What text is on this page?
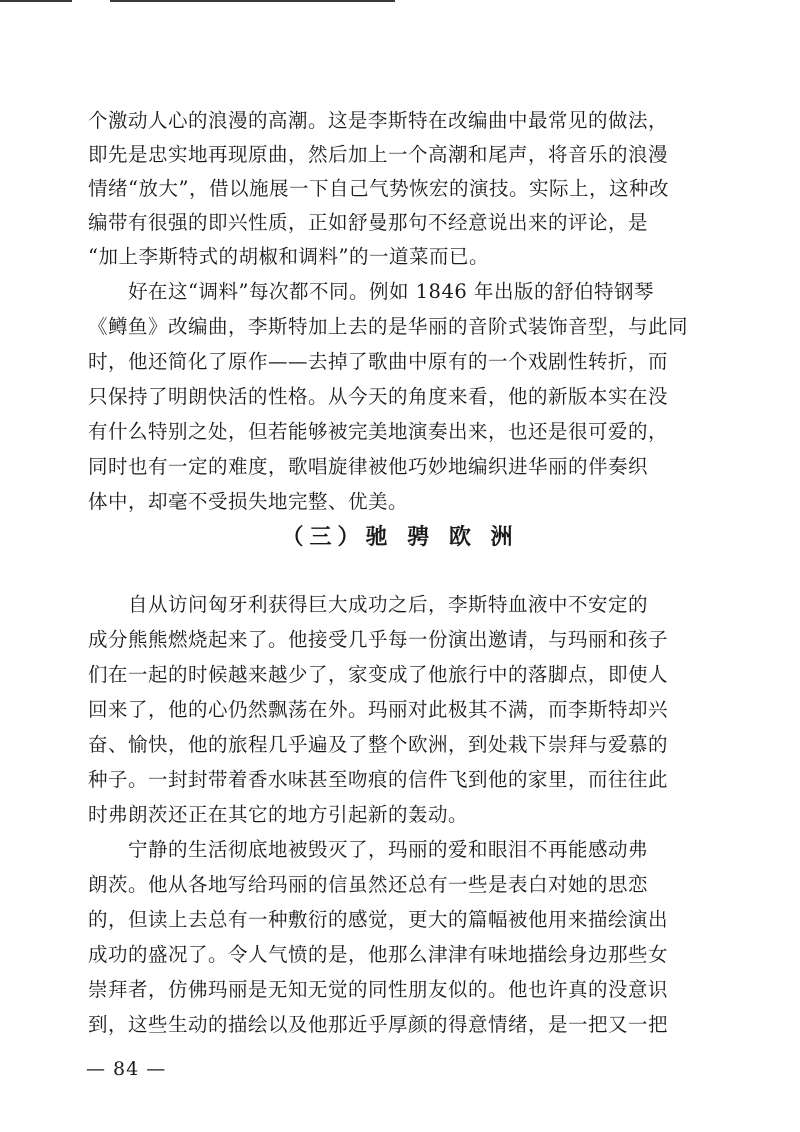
个激动人心的浪漫的高潮。这是李斯特在改编曲中最常见的做法，
即先是忠实地再现原曲，然后加上一个高潮和尾声，将音乐的浪漫
情绪“放大”，借以施展一下自己气势恢宏的演技。实际上，这种改
编带有很强的即兴性质，正如舒曼那句不经意说出来的评论，是
“加上李斯特式的胡椒和调料”的一道菜而已。
好在这“调料”每次都不同。例如 1846 年出版的舒伯特钢琴
《鳟鱼》改编曲，李斯特加上去的是华丽的音阶式装饰音型，与此同
时，他还简化了原作——去掉了歌曲中原有的一个戏剧性转折，而
只保持了明朗快活的性格。从今天的角度来看，他的新版本实在没
有什么特别之处，但若能够被完美地演奏出来，也还是很可爱的，
同时也有一定的难度，歌唱旋律被他巧妙地编织进华丽的伴奏织
体中，却毫不受损失地完整、优美。
（三）驰 骋 欧 洲
自从访问匈牙利获得巨大成功之后，李斯特血液中不安定的
成分熊熊燃烧起来了。他接受几乎每一份演出邀请，与玛丽和孩子
们在一起的时候越来越少了，家变成了他旅行中的落脚点，即使人
回来了，他的心仍然飘荡在外。玛丽对此极其不满，而李斯特却兴
奋、愉快，他的旅程几乎遍及了整个欧洲，到处栽下崇拜与爱慕的
种子。一封封带着香水味甚至吻痕的信件飞到他的家里，而往往此
时弗朗茨还正在其它的地方引起新的轰动。
宁静的生活彻底地被毁灭了，玛丽的爱和眼泪不再能感动弗
朗茨。他从各地写给玛丽的信虽然还总有一些是表白对她的思恋
的，但读上去总有一种敷衍的感觉，更大的篇幅被他用来描绘演出
成功的盛况了。令人气愤的是，他那么津津有味地描绘身边那些女
崇拜者，仿佛玛丽是无知无觉的同性朋友似的。他也许真的没意识
到，这些生动的描绘以及他那近乎厚颜的得意情绪，是一把又一把
— 84 —
